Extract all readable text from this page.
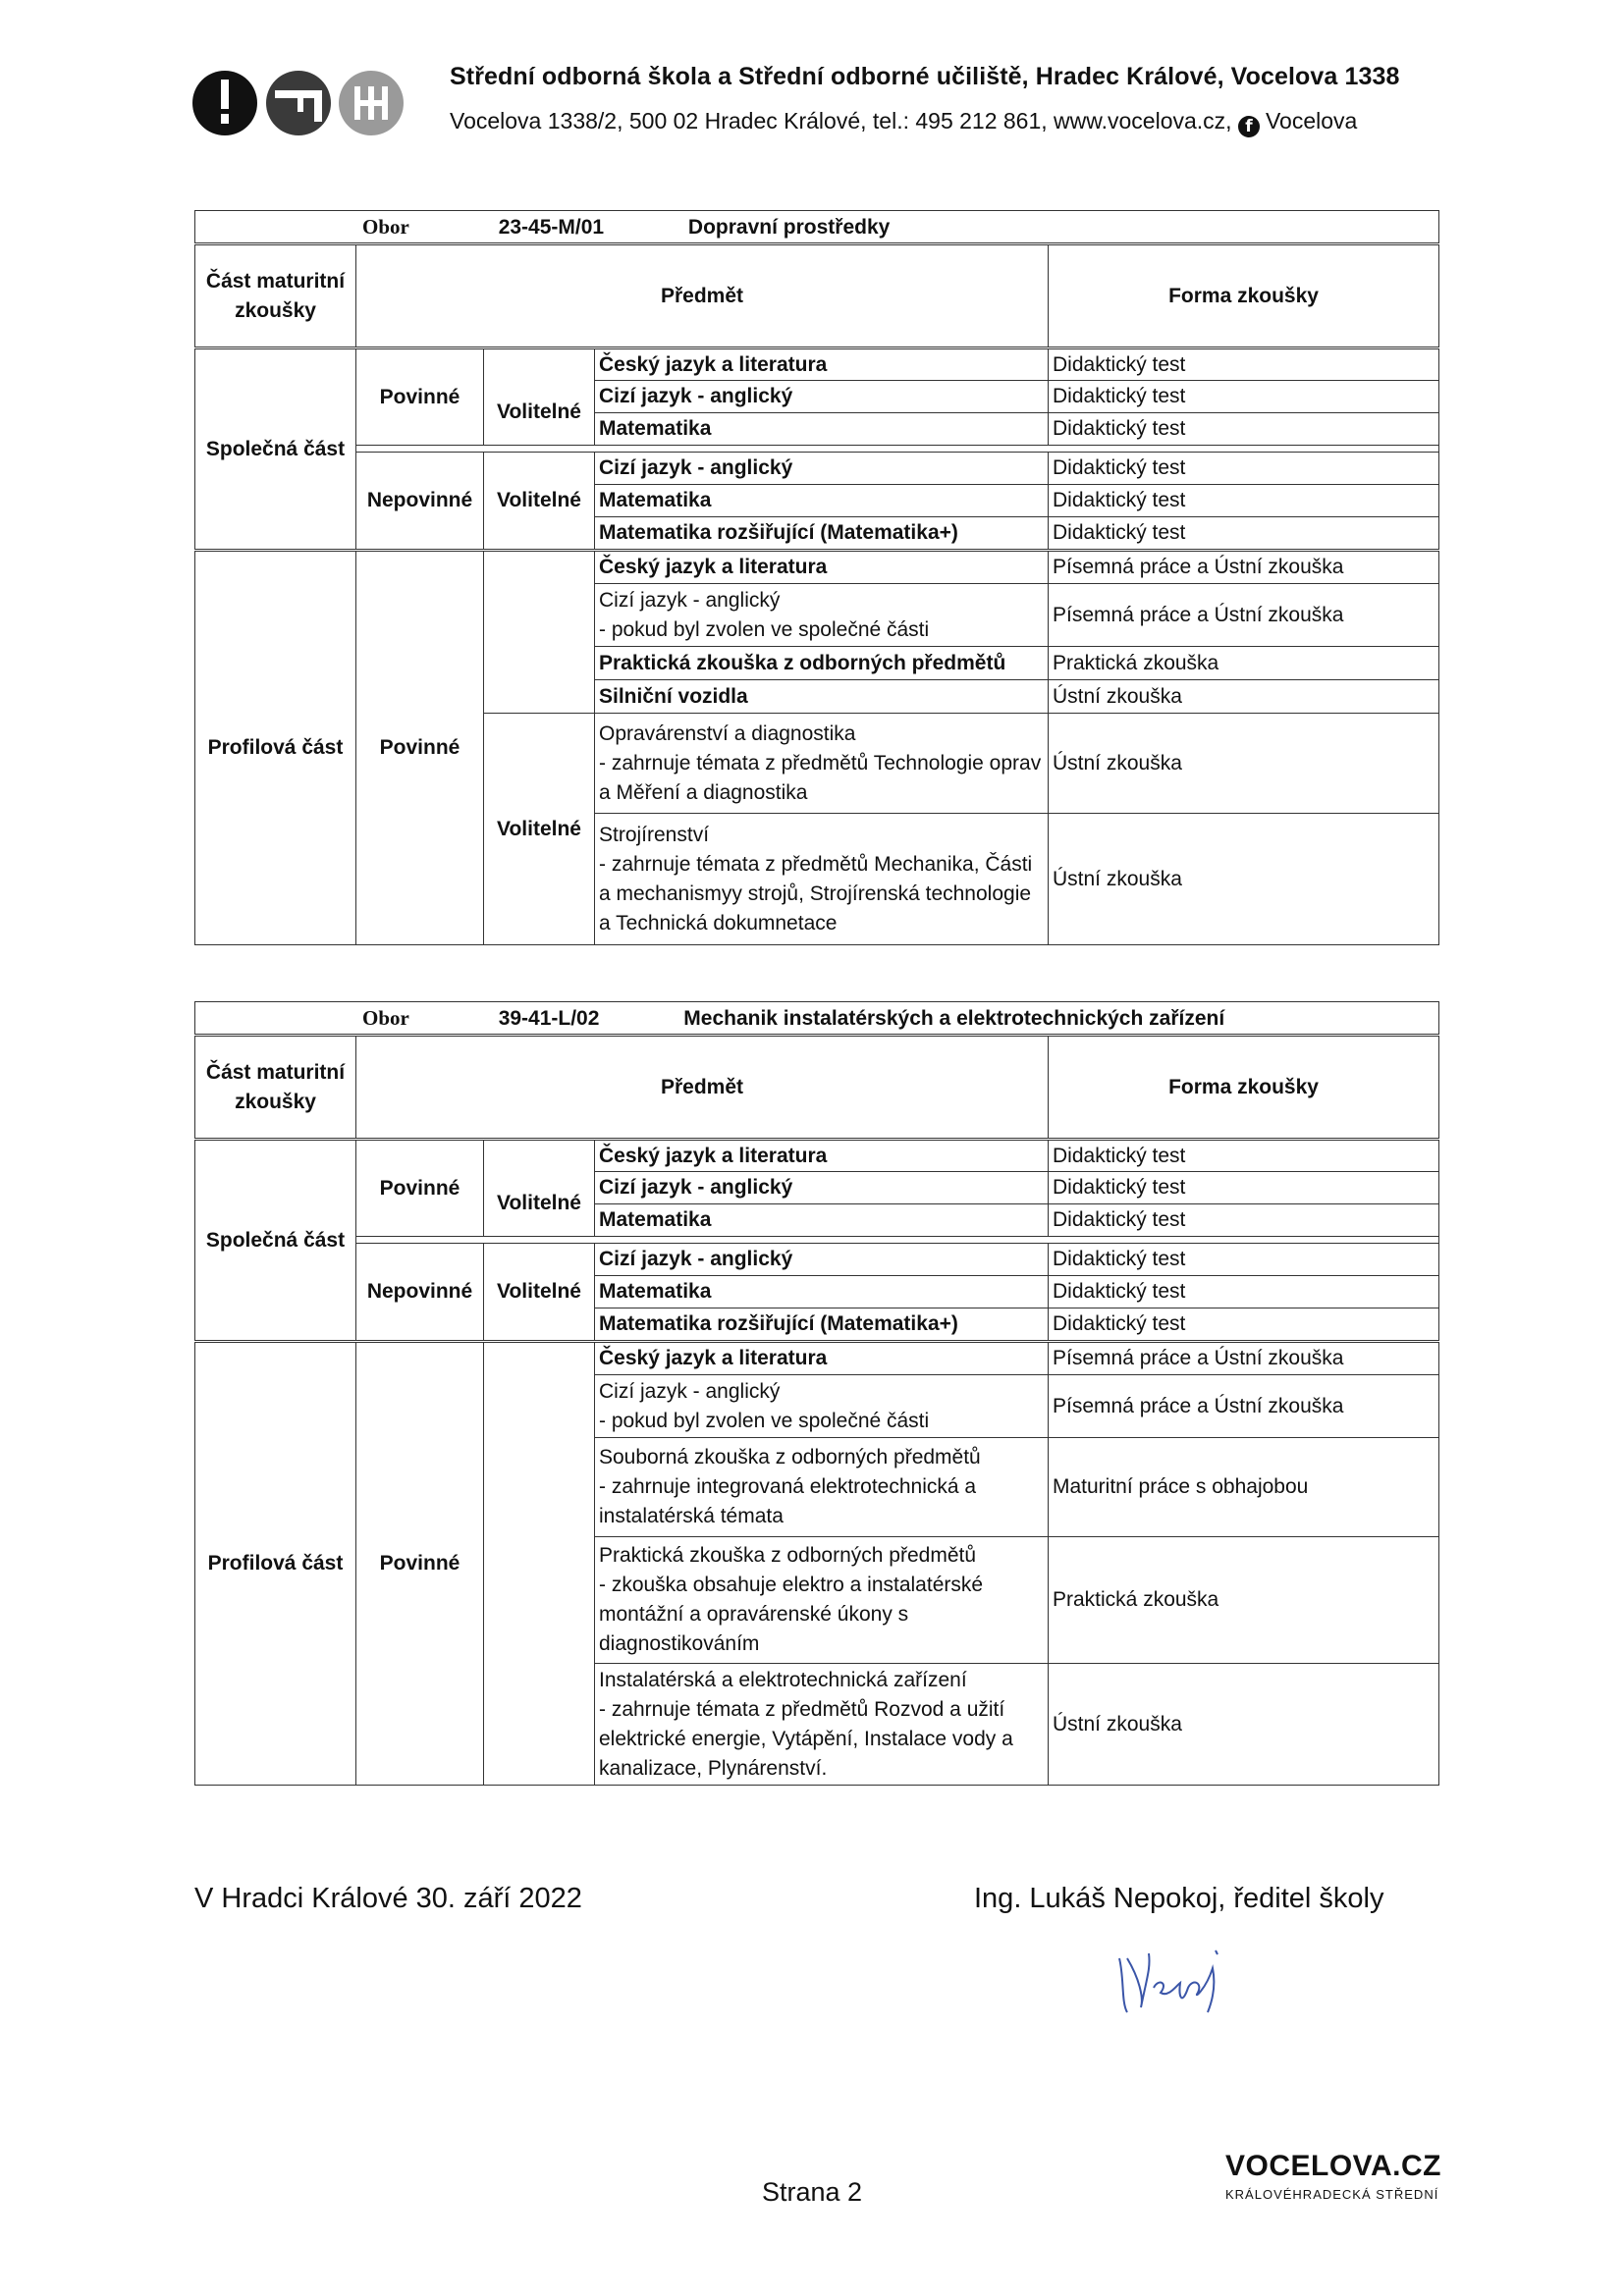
Střední odborná škola a Střední odborné učiliště, Hradec Králové, Vocelova 1338
Vocelova 1338/2, 500 02 Hradec Králové, tel.: 495 212 861, www.vocelova.cz, f Vocelova
Obor 23-45-M/01 Dopravní prostředky				
Část maturitní zkoušky	Předmět			Forma zkoušky
Společná část	Povinné		Český jazyk a literatura	Didaktický test
		Volitelné	Cizí jazyk - anglický	Didaktický test
			Matematika	Didaktický test

	Nepovinné	Volitelné	Cizí jazyk - anglický	Didaktický test
			Matematika	Didaktický test
			Matematika rozšiřující (Matematika+)	Didaktický test
Profilová část	Povinné		Český jazyk a literatura	Písemná práce a Ústní zkouška

			Cizí jazyk - anglický
- pokud byl zvolen ve společné části	Písemná práce a Ústní zkouška
			Praktická zkouška z odborných předmětů	Praktická zkouška
			Silniční vozidla	Ústní zkouška
		Volitelné	Opravárenství a diagnostika
- zahrnuje témata z předmětů Technologie oprav a Měření a diagnostika	Ústní zkouška

			Strojírenství
- zahrnuje témata z předmětů Mechanika, Části a mechanismyy strojů, Strojírenská technologie a Technická dokumnetace	Ústní zkouška
Obor 39-41-L/02 Mechanik instalatérských a elektrotechnických zařízení				
Část maturitní zkoušky	Předmět			Forma zkoušky
Společná část	Povinné		Český jazyk a literatura	Didaktický test
		Volitelné	Cizí jazyk - anglický	Didaktický test
			Matematika	Didaktický test

	Nepovinné	Volitelné	Cizí jazyk - anglický	Didaktický test
			Matematika	Didaktický test
			Matematika rozšiřující (Matematika+)	Didaktický test
Profilová část	Povinné		Český jazyk a literatura	Písemná práce a Ústní zkouška

			Cizí jazyk - anglický
- pokud byl zvolen ve společné části	Písemná práce a Ústní zkouška

			Souborná zkouška z odborných předmětů
- zahrnuje integrovaná elektrotechnická a instalatérská témata	Maturitní práce s obhajobou

			Praktická zkouška z odborných předmětů
- zkouška obsahuje elektro a instalatérské montážní a opravárenské úkony s diagnostikováním	Praktická zkouška

			Instalatérská a elektrotechnická zařízení
- zahrnuje témata z předmětů Rozvod a užití elektrické energie, Vytápění, Instalace vody a kanalizace, Plynárenství.	Ústní zkouška
V Hradci Králové 30. září 2022	Ing. Lukáš Nepokoj, ředitel školy
Strana 2
VOCELOVA.CZ
KRÁLOVÉHRADECKÁ STŘEDNÍ
